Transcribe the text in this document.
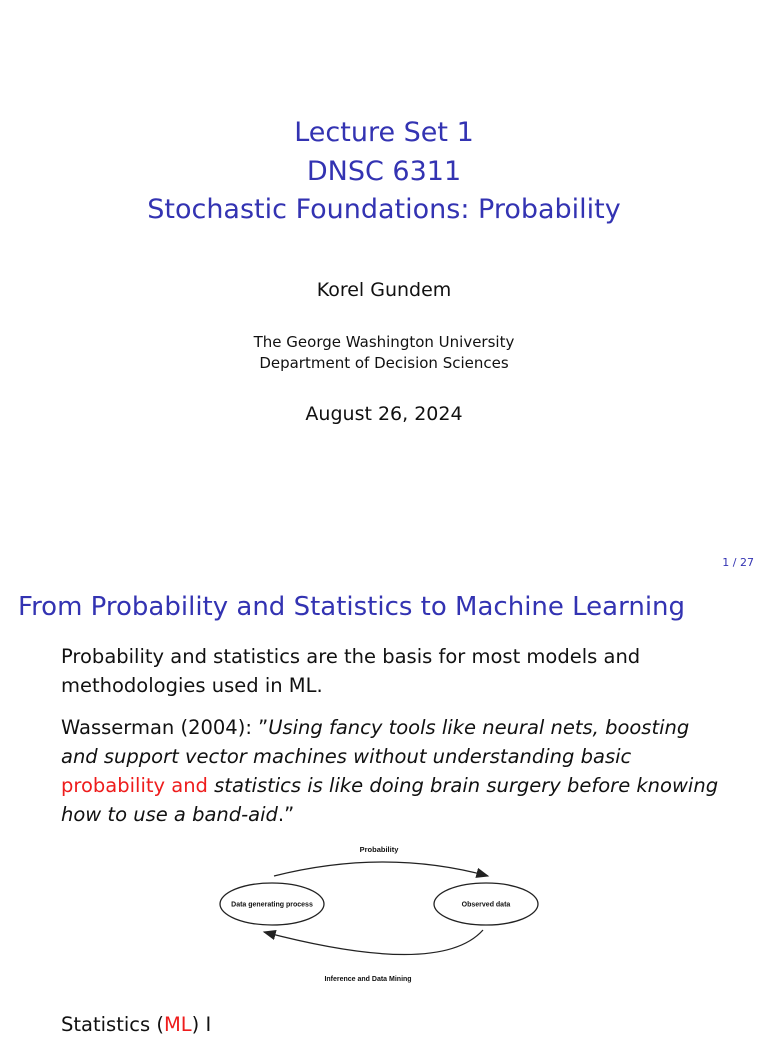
Lecture Set 1
DNSC 6311
Stochastic Foundations: Probability
Korel Gundem
The George Washington University
Department of Decision Sciences
August 26, 2024
1 / 27
From Probability and Statistics to Machine Learning
Probability and statistics are the basis for most models and
methodologies used in ML.
Wasserman (2004): ”Using fancy tools like neural nets, boosting
and support vector machines without understanding basic
probability and statistics is like doing brain surgery before knowing
how to use a band-aid.”
Probability
Data generating process	Observed data
Inference and Data Mining
Statistics (ML) I
